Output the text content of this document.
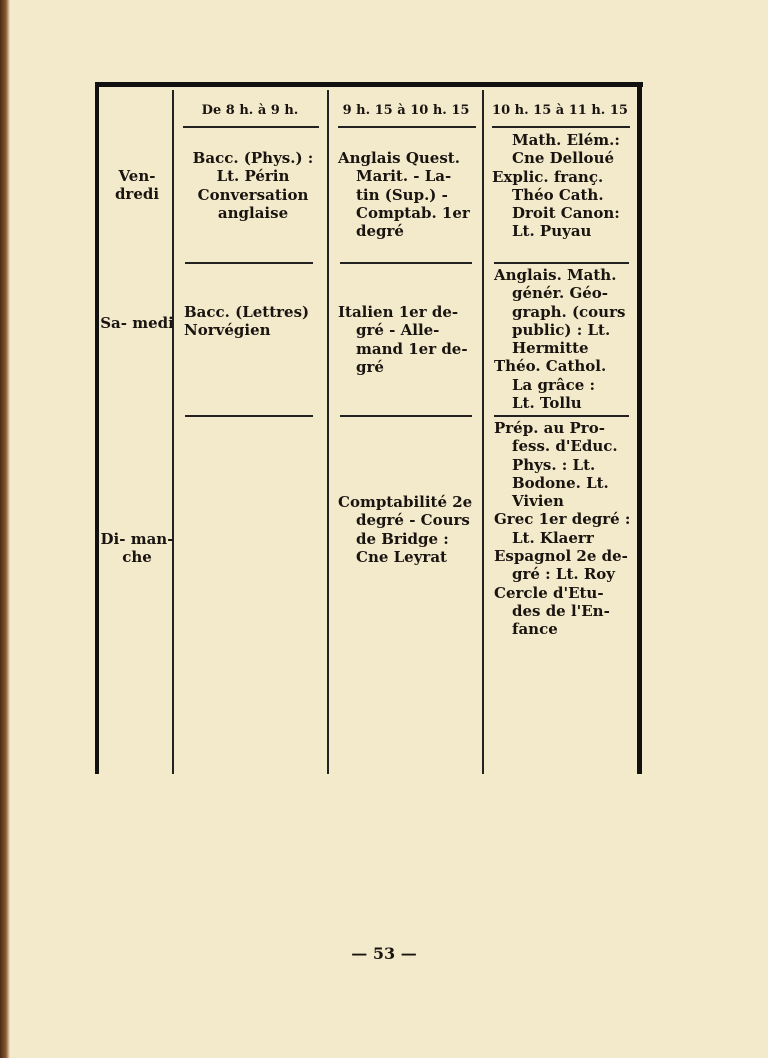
De 8 h. à 9 h.	9 h. 15 à 10 h. 15	10 h. 15 à 11 h. 15
Ven- dredi
Bacc. (Phys.) :
Lt. Périn
Conversation
anglaise
Anglais Quest.
Marit. - La-
tin (Sup.) -
Comptab. 1er
degré
Math. Elém.:
Cne Delloué
Explic. franç.
Théo Cath.
Droit Canon:
Lt. Puyau
Sa- medi
Bacc. (Lettres)
Norvégien
Italien 1er de-
gré - Alle-
mand 1er de-
gré
Anglais. Math.
génér. Géo-
graph. (cours
public) : Lt.
Hermitte
Théo. Cathol.
La grâce :
Lt. Tollu
Di- man- che
Comptabilité 2e
degré - Cours
de Bridge :
Cne Leyrat
Prép. au Pro-
fess. d'Educ.
Phys. : Lt.
Bodone. Lt.
Vivien
Grec 1er degré :
Lt. Klaerr
Espagnol 2e de-
gré : Lt. Roy
Cercle d'Etu-
des de l'En-
fance
— 53 —
